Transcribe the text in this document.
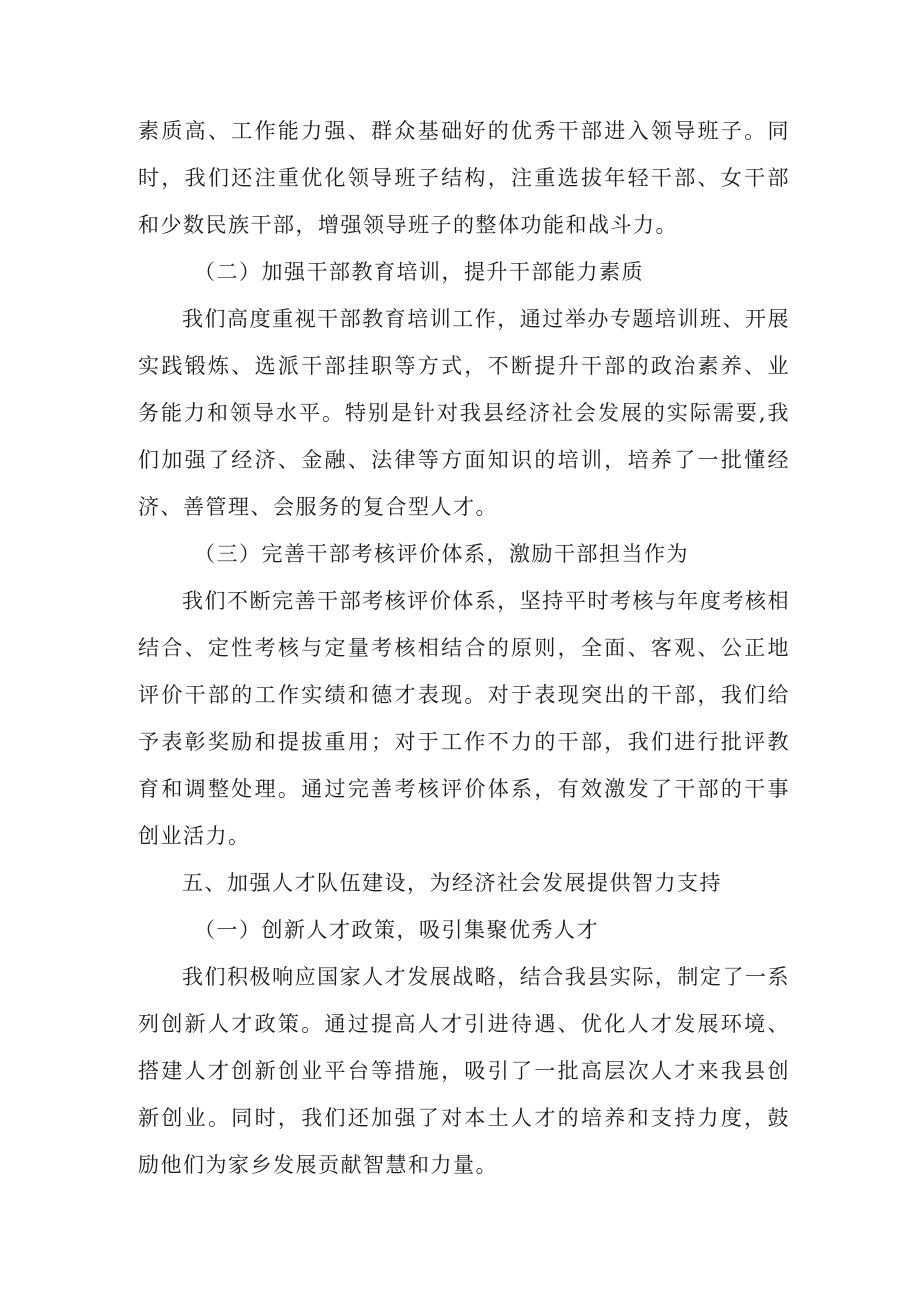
素质高、工作能力强、群众基础好的优秀干部进入领导班子。同时，我们还注重优化领导班子结构，注重选拔年轻干部、女干部和少数民族干部，增强领导班子的整体功能和战斗力。

（二）加强干部教育培训，提升干部能力素质

我们高度重视干部教育培训工作，通过举办专题培训班、开展实践锻炼、选派干部挂职等方式，不断提升干部的政治素养、业务能力和领导水平。特别是针对我县经济社会发展的实际需要,我们加强了经济、金融、法律等方面知识的培训，培养了一批懂经济、善管理、会服务的复合型人才。

（三）完善干部考核评价体系，激励干部担当作为

我们不断完善干部考核评价体系，坚持平时考核与年度考核相结合、定性考核与定量考核相结合的原则，全面、客观、公正地评价干部的工作实绩和德才表现。对于表现突出的干部，我们给予表彰奖励和提拔重用；对于工作不力的干部，我们进行批评教育和调整处理。通过完善考核评价体系，有效激发了干部的干事创业活力。

五、加强人才队伍建设，为经济社会发展提供智力支持

（一）创新人才政策，吸引集聚优秀人才

我们积极响应国家人才发展战略，结合我县实际，制定了一系列创新人才政策。通过提高人才引进待遇、优化人才发展环境、搭建人才创新创业平台等措施，吸引了一批高层次人才来我县创新创业。同时，我们还加强了对本土人才的培养和支持力度，鼓励他们为家乡发展贡献智慧和力量。
